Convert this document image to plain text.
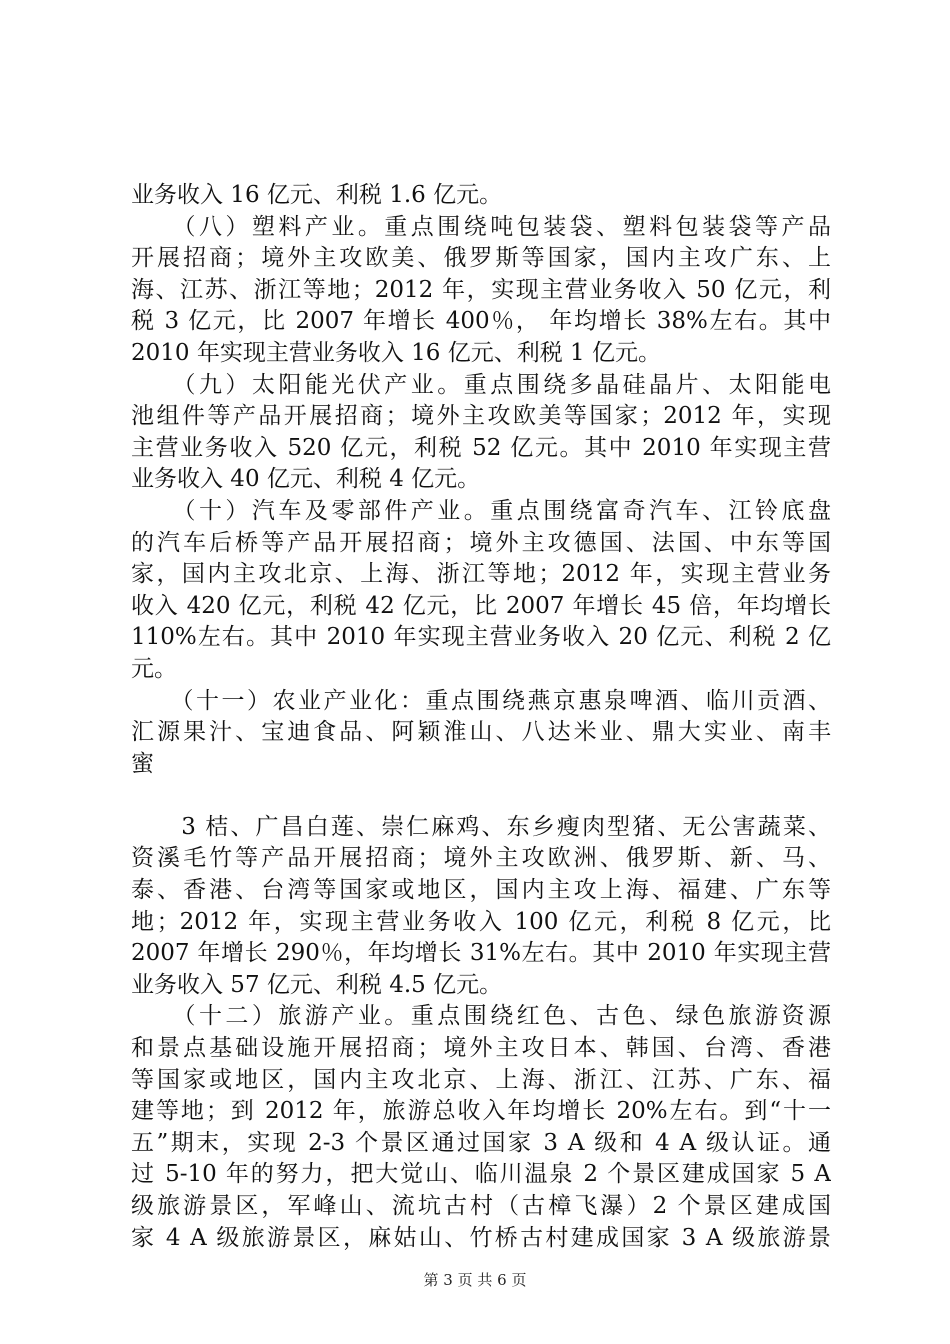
业务收入 16 亿元、利税 1.6 亿元。
　　（八）塑料产业。重点围绕吨包装袋、塑料包装袋等产品
开展招商；境外主攻欧美、俄罗斯等国家，国内主攻广东、上
海、江苏、浙江等地；2012 年，实现主营业务收入 50 亿元，利
税 3 亿元，比 2007 年增长 400％， 年均增长 38%左右。其中
2010 年实现主营业务收入 16 亿元、利税 1 亿元。
　　（九）太阳能光伏产业。重点围绕多晶硅晶片、太阳能电
池组件等产品开展招商；境外主攻欧美等国家；2012 年，实现
主营业务收入 520 亿元，利税 52 亿元。其中 2010 年实现主营
业务收入 40 亿元、利税 4 亿元。
　　（十）汽车及零部件产业。重点围绕富奇汽车、江铃底盘
的汽车后桥等产品开展招商；境外主攻德国、法国、中东等国
家，国内主攻北京、上海、浙江等地；2012 年，实现主营业务
收入 420 亿元，利税 42 亿元，比 2007 年增长 45 倍，年均增长
110%左右。其中 2010 年实现主营业务收入 20 亿元、利税 2 亿
元。
　　（十一）农业产业化：重点围绕燕京惠泉啤酒、临川贡酒、
汇源果汁、宝迪食品、阿颖淮山、八达米业、鼎大实业、南丰
蜜
　　3 桔、广昌白莲、崇仁麻鸡、东乡瘦肉型猪、无公害蔬菜、
资溪毛竹等产品开展招商；境外主攻欧洲、俄罗斯、新、马、
泰、香港、台湾等国家或地区，国内主攻上海、福建、广东等
地；2012 年，实现主营业务收入 100 亿元，利税 8 亿元，比
2007 年增长 290％，年均增长 31%左右。其中 2010 年实现主营
业务收入 57 亿元、利税 4.5 亿元。
　　（十二）旅游产业。重点围绕红色、古色、绿色旅游资源
和景点基础设施开展招商；境外主攻日本、韩国、台湾、香港
等国家或地区，国内主攻北京、上海、浙江、江苏、广东、福
建等地；到 2012 年，旅游总收入年均增长 20%左右。到“十一
五”期末，实现 2-3 个景区通过国家 3 A 级和 4 A 级认证。通
过 5-10 年的努力，把大觉山、临川温泉 2 个景区建成国家 5 A
级旅游景区，军峰山、流坑古村（古樟飞瀑）2 个景区建成国
家 4 A 级旅游景区，麻姑山、竹桥古村建成国家 3 A 级旅游景
第 3 页 共 6 页
